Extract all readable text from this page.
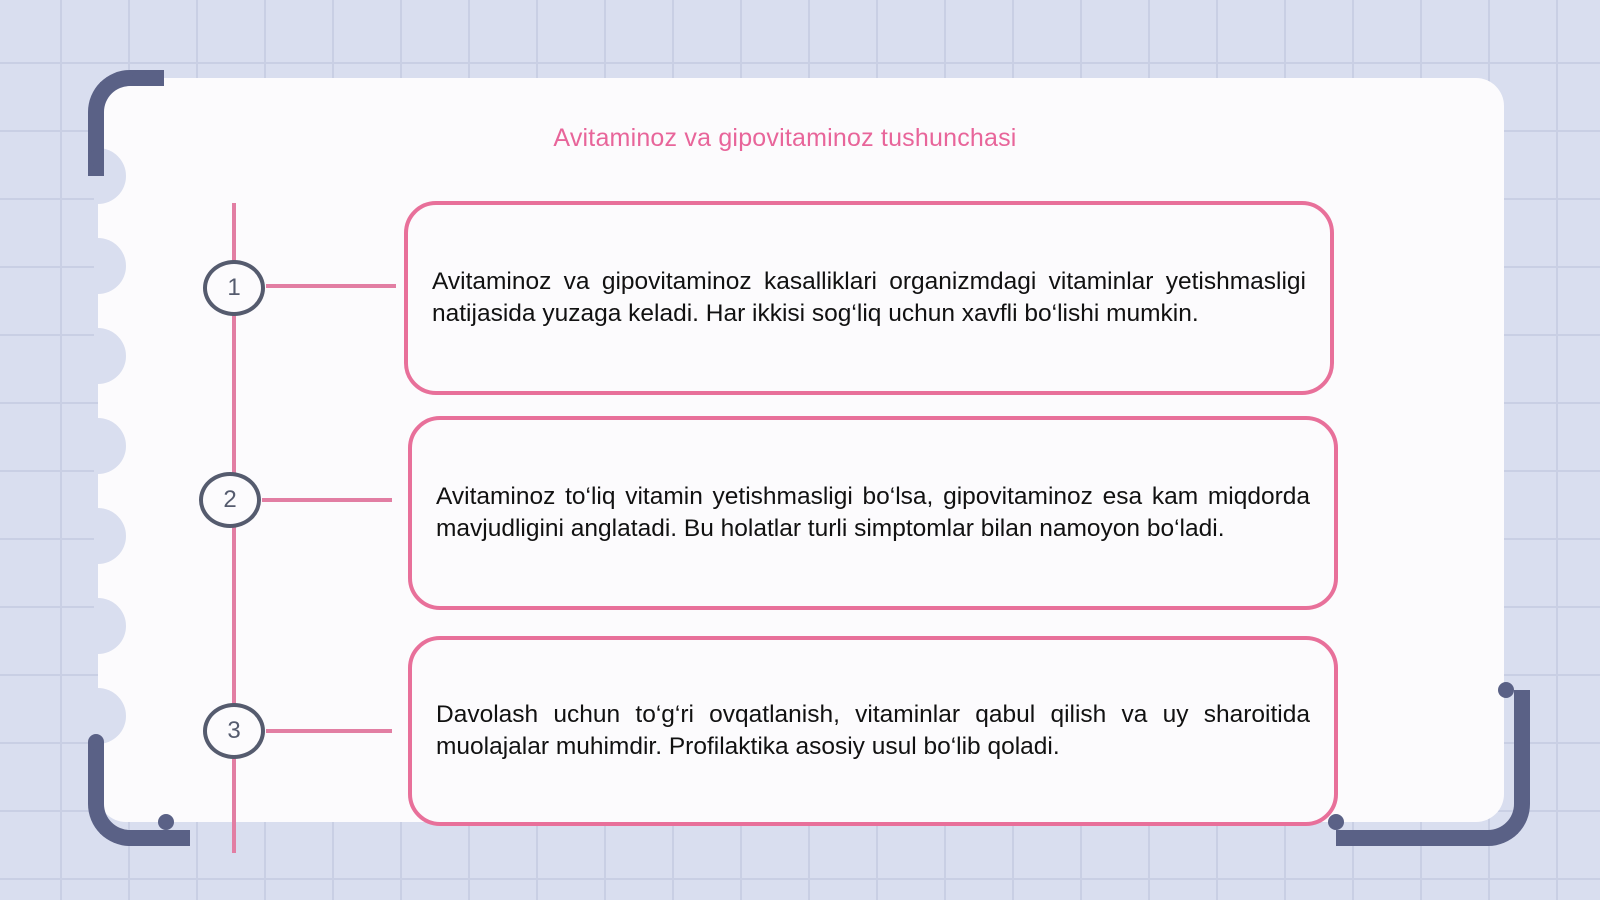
Avitaminoz va gipovitaminoz tushunchasi
1
2
3

Avitaminoz va gipovitaminoz kasalliklari organizmdagi vitaminlar yetishmasligi natijasida yuzaga keladi. Har ikkisi sog‘liq uchun xavfli bo‘lishi mumkin.

Avitaminoz to‘liq vitamin yetishmasligi bo‘lsa, gipovitaminoz esa kam miqdorda mavjudligini anglatadi. Bu holatlar turli simptomlar bilan namoyon bo‘ladi.

Davolash uchun to‘g‘ri ovqatlanish, vitaminlar qabul qilish va uy sharoitida muolajalar muhimdir. Profilaktika asosiy usul bo‘lib qoladi.
